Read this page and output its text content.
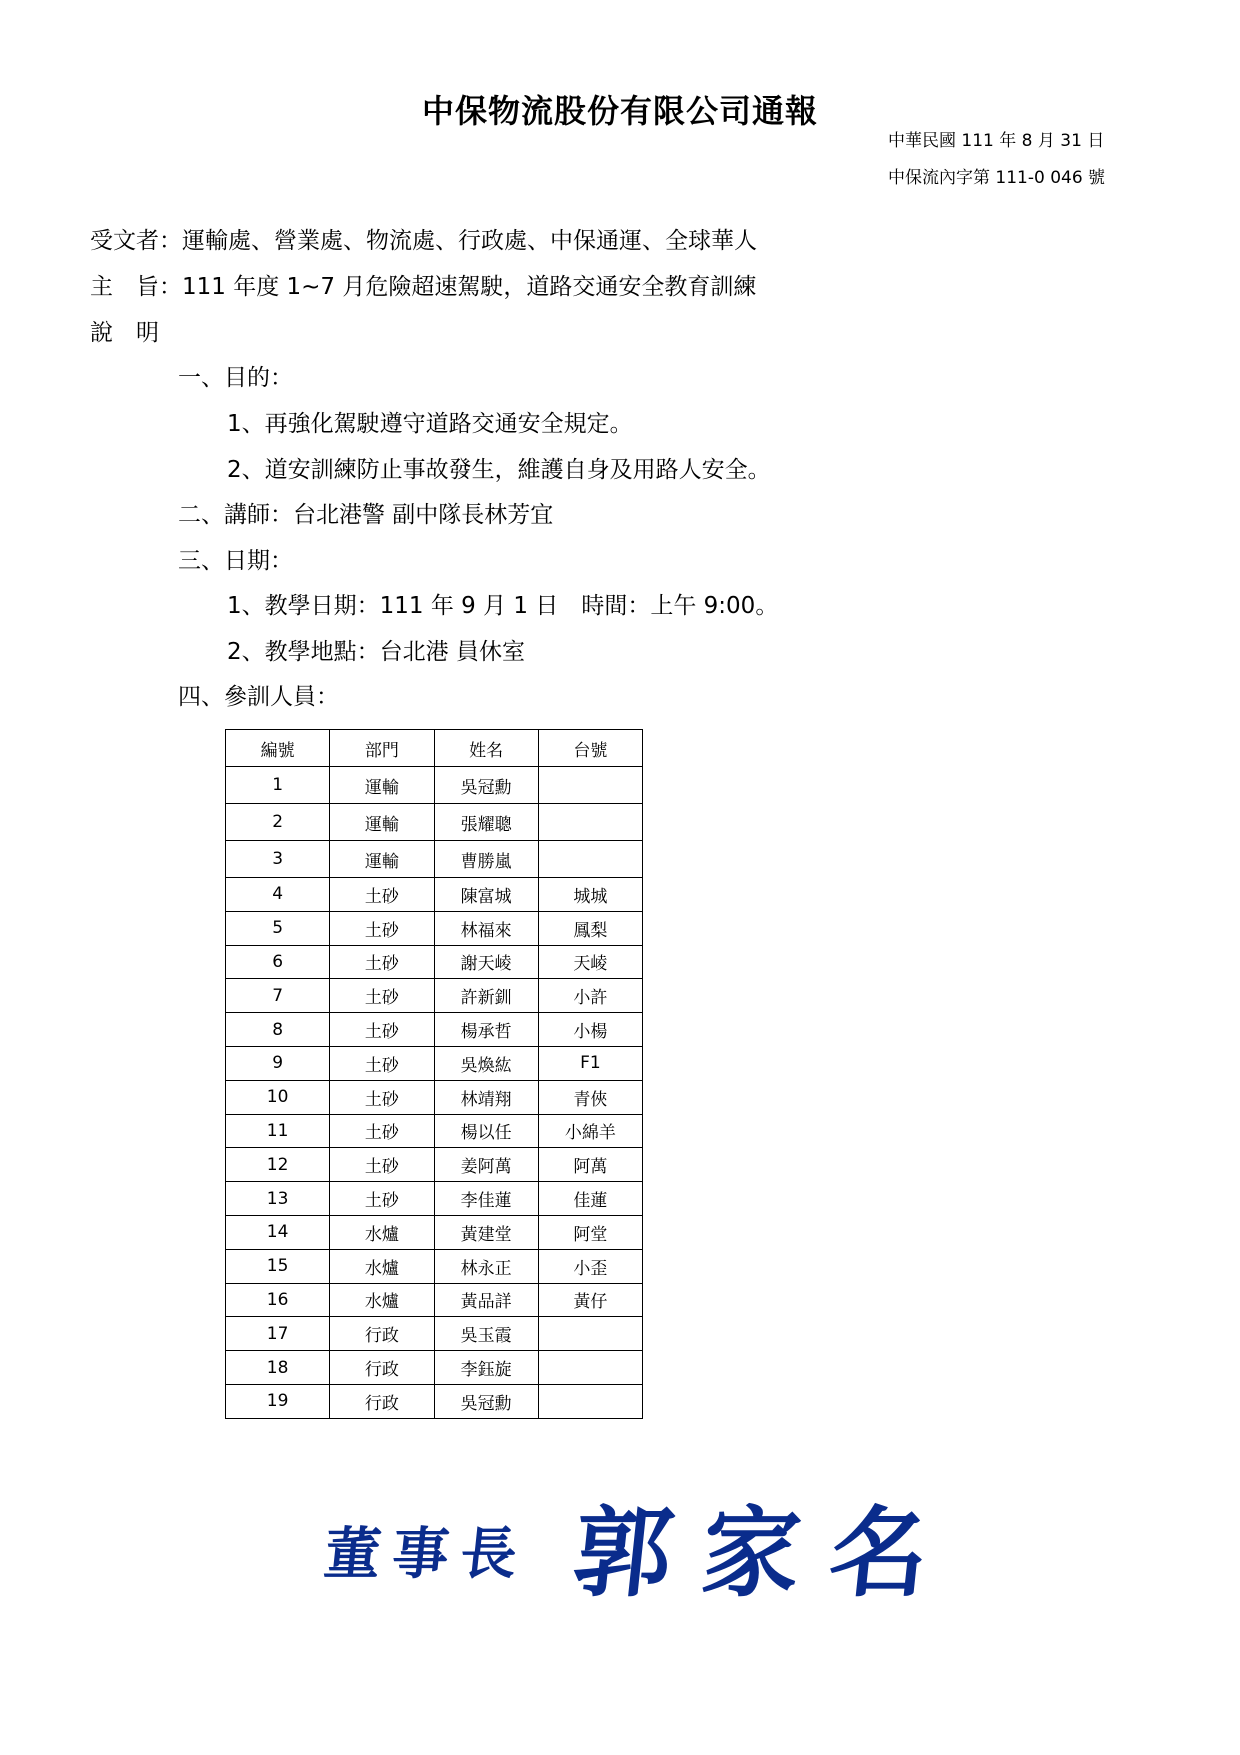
中保物流股份有限公司通報
中華民國 111 年 8 月 31 日
中保流內字第 111-0 046 號
受文者：運輸處、營業處、物流處、行政處、中保通運、全球華人
主　旨：111 年度 1~7 月危險超速駕駛，道路交通安全教育訓練
說　明
一、目的：
1、再強化駕駛遵守道路交通安全規定。
2、道安訓練防止事故發生，維護自身及用路人安全。
二、講師：台北港警 副中隊長林芳宜
三、日期：
1、教學日期：111 年 9 月 1 日　時間：上午 9:00。
2、教學地點：台北港 員休室
四、參訓人員：
編號	部門	姓名	台號
1	運輸	吳冠勳	
2	運輸	張耀聰	
3	運輸	曹勝嵐	
4	土砂	陳富城	城城
5	土砂	林福來	鳳梨
6	土砂	謝天崚	天崚
7	土砂	許新釧	小許
8	土砂	楊承哲	小楊
9	土砂	吳煥紘	F1
10	土砂	林靖翔	青俠
11	土砂	楊以任	小綿羊
12	土砂	姜阿萬	阿萬
13	土砂	李佳蓮	佳蓮
14	水爐	黃建堂	阿堂
15	水爐	林永正	小歪
16	水爐	黃品詳	黃仔
17	行政	吳玉霞	
18	行政	李鈺旋	
19	行政	吳冠勳	
董事長 郭家名
